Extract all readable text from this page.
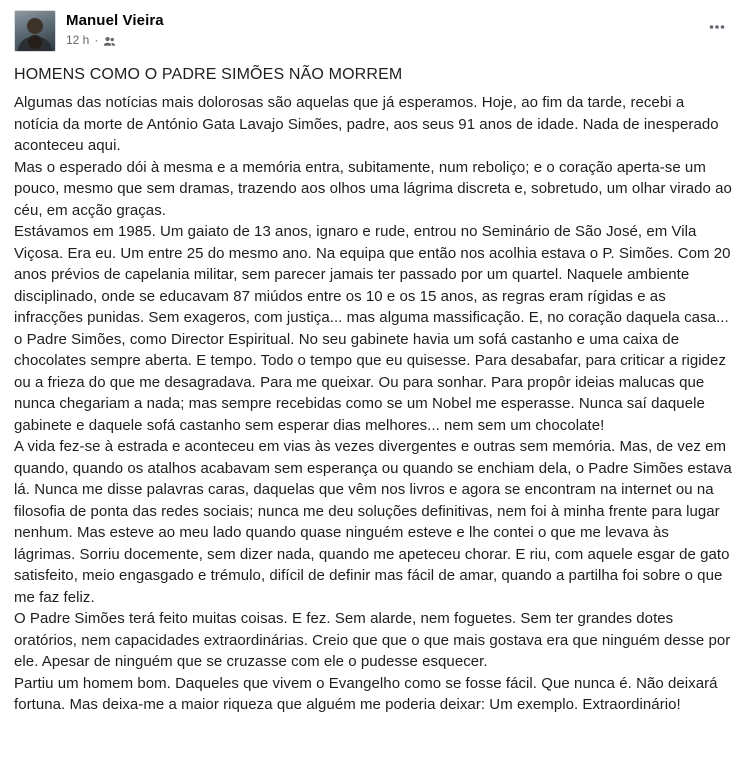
Manuel Vieira
12 h ·
HOMENS COMO O PADRE SIMÕES NÃO MORREM

Algumas das notícias mais dolorosas são aquelas que já esperamos. Hoje, ao fim da tarde, recebi a notícia da morte de António Gata Lavajo Simões, padre, aos seus 91 anos de idade. Nada de inesperado aconteceu aqui.

Mas o esperado dói à mesma e a memória entra, subitamente, num reboliço; e o coração aperta-se um pouco, mesmo que sem dramas, trazendo aos olhos uma lágrima discreta e, sobretudo, um olhar virado ao céu, em acção graças.

Estávamos em 1985. Um gaiato de 13 anos, ignaro e rude, entrou no Seminário de São José, em Vila Viçosa. Era eu. Um entre 25 do mesmo ano. Na equipa que então nos acolhia estava o P. Simões. Com 20 anos prévios de capelania militar, sem parecer jamais ter passado por um quartel. Naquele ambiente disciplinado, onde se educavam 87 miúdos entre os 10 e os 15 anos, as regras eram rígidas e as infracções punidas. Sem exageros, com justiça... mas alguma massificação. E, no coração daquela casa... o Padre Simões, como Director Espiritual. No seu gabinete havia um sofá castanho e uma caixa de chocolates sempre aberta. E tempo. Todo o tempo que eu quisesse. Para desabafar, para criticar a rigidez ou a frieza do que me desagradava. Para me queixar. Ou para sonhar. Para propôr ideias malucas que nunca chegariam a nada; mas sempre recebidas como se um Nobel me esperasse. Nunca saí daquele gabinete e daquele sofá castanho sem esperar dias melhores... nem sem um chocolate!

A vida fez-se à estrada e aconteceu em vias às vezes divergentes e outras sem memória. Mas, de vez em quando, quando os atalhos acabavam sem esperança ou quando se enchiam dela, o Padre Simões estava lá. Nunca me disse palavras caras, daquelas que vêm nos livros e agora se encontram na internet ou na filosofia de ponta das redes sociais; nunca me deu soluções definitivas, nem foi à minha frente para lugar nenhum. Mas esteve ao meu lado quando quase ninguém esteve e lhe contei o que me levava às lágrimas. Sorriu docemente, sem dizer nada, quando me apeteceu chorar. E riu, com aquele esgar de gato satisfeito, meio engasgado e trémulo, difícil de definir mas fácil de amar, quando a partilha foi sobre o que me faz feliz.

O Padre Simões terá feito muitas coisas. E fez. Sem alarde, nem foguetes. Sem ter grandes dotes oratórios, nem capacidades extraordinárias. Creio que que o que mais gostava era que ninguém desse por ele. Apesar de ninguém que se cruzasse com ele o pudesse esquecer.

Partiu um homem bom. Daqueles que vivem o Evangelho como se fosse fácil. Que nunca é. Não deixará fortuna. Mas deixa-me a maior riqueza que alguém me poderia deixar: Um exemplo. Extraordinário!
